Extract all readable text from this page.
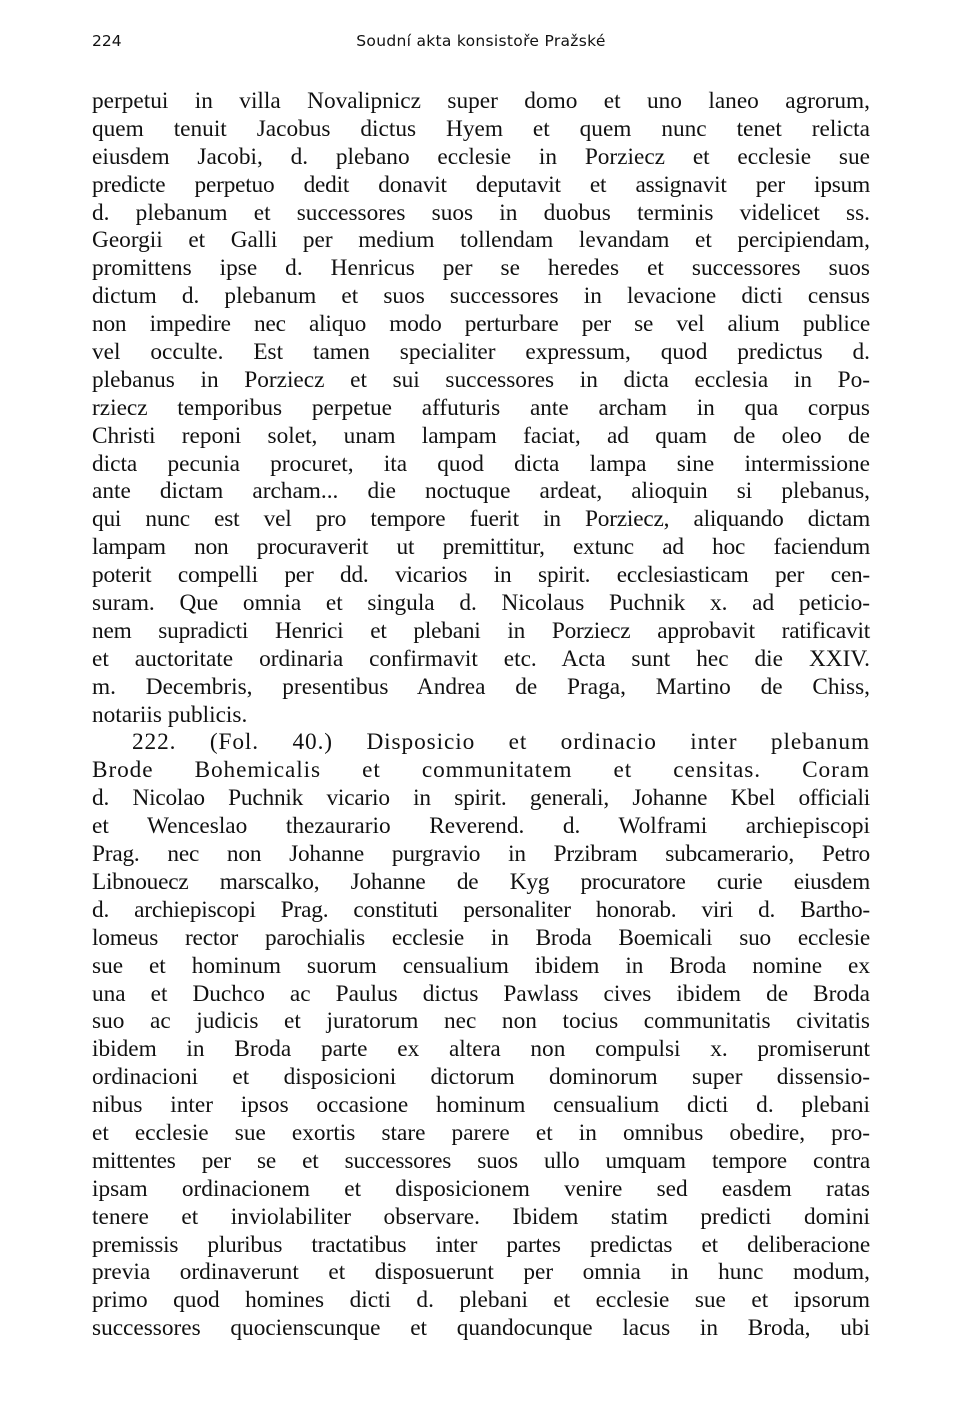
224	Soudní akta konsistoře Pražské
perpetui in villa Novalipnicz super domo et uno laneo agrorum,
quem tenuit Jacobus dictus Hyem et quem nunc tenet relicta
eiusdem Jacobi, d. plebano ecclesie in Porziecz et ecclesie sue
predicte perpetuo dedit donavit deputavit et assignavit per ipsum
d. plebanum et successores suos in duobus terminis videlicet ss.
Georgii et Galli per medium tollendam levandam et percipiendam,
promittens ipse d. Henricus per se heredes et successores suos
dictum d. plebanum et suos successores in levacione dicti census
non impedire nec aliquo modo perturbare per se vel alium publice
vel occulte. Est tamen specialiter expressum, quod predictus d.
plebanus in Porziecz et sui successores in dicta ecclesia in Po-
rziecz temporibus perpetue affuturis ante archam in qua corpus
Christi reponi solet, unam lampam faciat, ad quam de oleo de
dicta pecunia procuret, ita quod dicta lampa sine intermissione
ante dictam archam... die noctuque ardeat, alioquin si plebanus,
qui nunc est vel pro tempore fuerit in Porziecz, aliquando dictam
lampam non procuraverit ut premittitur, extunc ad hoc faciendum
poterit compelli per dd. vicarios in spirit. ecclesiasticam per cen-
suram. Que omnia et singula d. Nicolaus Puchnik x. ad peticio-
nem supradicti Henrici et plebani in Porziecz approbavit ratificavit
et auctoritate ordinaria confirmavit etc. Acta sunt hec die XXIV.
m. Decembris, presentibus Andrea de Praga, Martino de Chiss,
notariis publicis.
222. (Fol. 40.) Disposicio et ordinacio inter plebanum
Brode Bohemicalis et communitatem et censitas. Coram
d. Nicolao Puchnik vicario in spirit. generali, Johanne Kbel officiali
et Wenceslao thezaurario Reverend. d. Wolframi archiepiscopi
Prag. nec non Johanne purgravio in Przibram subcamerario, Petro
Libnouecz marscalko, Johanne de Kyg procuratore curie eiusdem
d. archiepiscopi Prag. constituti personaliter honorab. viri d. Bartho-
lomeus rector parochialis ecclesie in Broda Boemicali suo ecclesie
sue et hominum suorum censualium ibidem in Broda nomine ex
una et Duchco ac Paulus dictus Pawlass cives ibidem de Broda
suo ac judicis et juratorum nec non tocius communitatis civitatis
ibidem in Broda parte ex altera non compulsi x. promiserunt
ordinacioni et disposicioni dictorum dominorum super dissensio-
nibus inter ipsos occasione hominum censualium dicti d. plebani
et ecclesie sue exortis stare parere et in omnibus obedire, pro-
mittentes per se et successores suos ullo umquam tempore contra
ipsam ordinacionem et disposicionem venire sed easdem ratas
tenere et inviolabiliter observare. Ibidem statim predicti domini
premissis pluribus tractatibus inter partes predictas et deliberacione
previa ordinaverunt et disposuerunt per omnia in hunc modum,
primo quod homines dicti d. plebani et ecclesie sue et ipsorum
successores quocienscunque et quandocunque lacus in Broda, ubi
